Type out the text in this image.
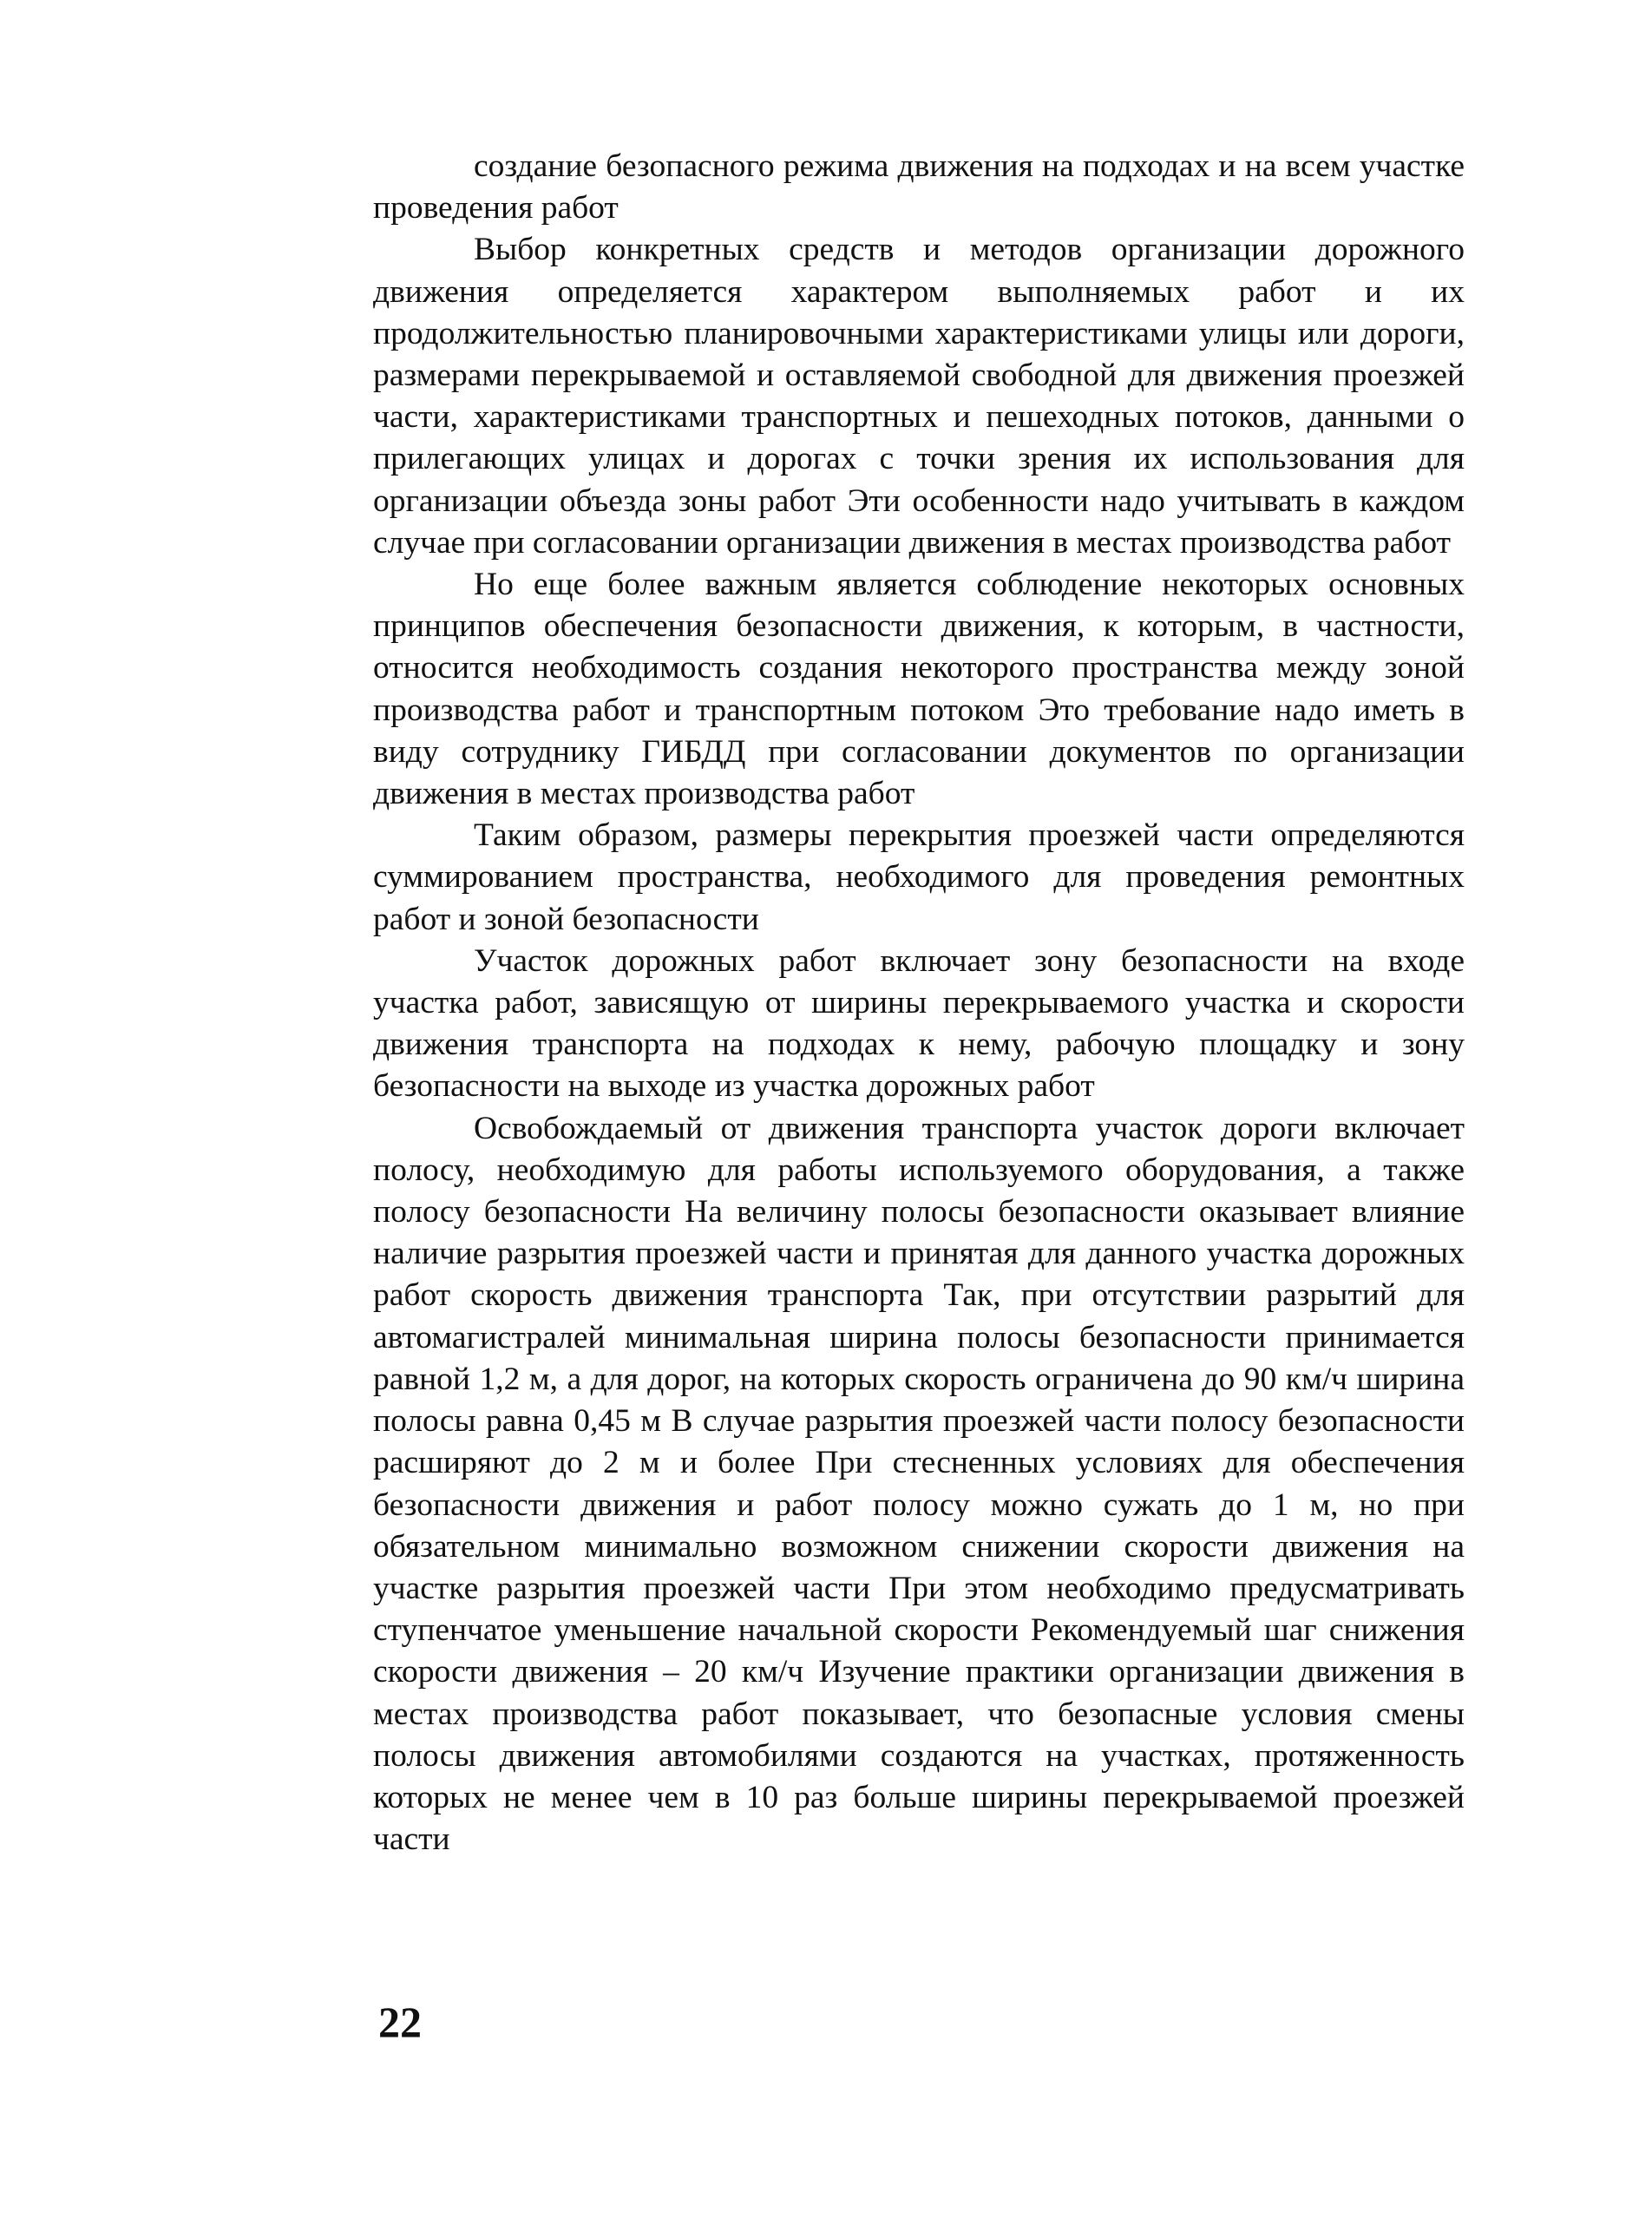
создание безопасного режима движения на подходах и на всем участке проведения работ

Выбор конкретных средств и методов организации дорожного движения определяется характером выполняемых работ и их продолжительностью планировочными характеристиками улицы или дороги, размерами перекрываемой и оставляемой свободной для движения проезжей части, характеристиками транспортных и пешеходных потоков, данными о прилегающих улицах и дорогах с точки зрения их использования для организации объезда зоны работ Эти особенности надо учитывать в каждом случае при согласовании организации движения в местах производства работ

Но еще более важным является соблюдение некоторых основных принципов обеспечения безопасности движения, к которым, в частности, относится необходимость создания некоторого пространства между зоной производства работ и транспортным потоком Это требование надо иметь в виду сотруднику ГИБДД при согласовании документов по организации движения в местах производства работ

Таким образом, размеры перекрытия проезжей части определяются суммированием пространства, необходимого для проведения ремонтных работ и зоной безопасности

Участок дорожных работ включает зону безопасности на входе участка работ, зависящую от ширины перекрываемого участка и скорости движения транспорта на подходах к нему, рабочую площадку и зону безопасности на выходе из участка дорожных работ

Освобождаемый от движения транспорта участок дороги включает полосу, необходимую для работы используемого оборудования, а также полосу безопасности На величину полосы безопасности оказывает влияние наличие разрытия проезжей части и принятая для данного участка дорожных работ скорость движения транспорта Так, при отсутствии разрытий для автомагистралей минимальная ширина полосы безопасности принимается равной 1,2 м, а для дорог, на которых скорость ограничена до 90 км/ч ширина полосы равна 0,45 м В случае разрытия проезжей части полосу безопасности расширяют до 2 м и более При стесненных условиях для обеспечения безопасности движения и работ полосу можно сужать до 1 м, но при обязательном минимально возможном снижении скорости движения на участке разрытия проезжей части При этом необходимо предусматривать ступенчатое уменьшение начальной скорости Рекомендуемый шаг снижения скорости движения – 20 км/ч Изучение практики организации движения в местах производства работ показывает, что безопасные условия смены полосы движения автомобилями создаются на участках, протяженность которых не менее чем в 10 раз больше ширины перекрываемой проезжей части

22
